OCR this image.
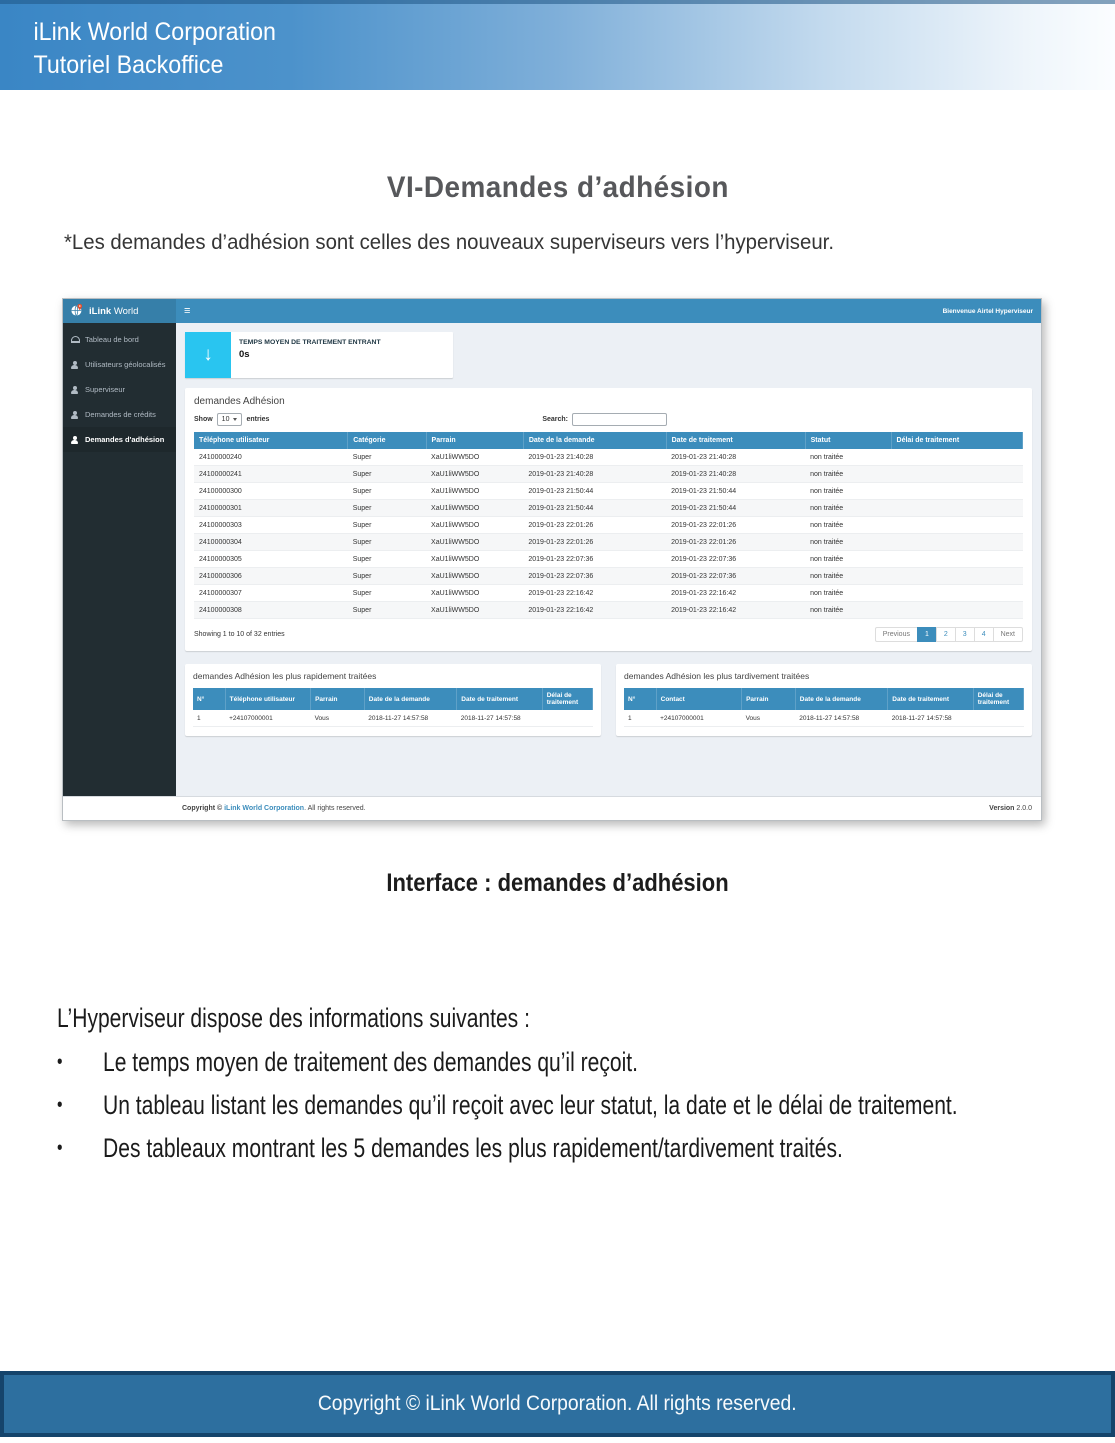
iLink World Corporation
Tutoriel Backoffice
VI-Demandes d’adhésion

*Les demandes d’adhésion sont celles des nouveaux superviseurs vers l’hyperviseur.

iLink World	≡	Bienvenue Airtel Hyperviseur
Tableau de bord
Utilisateurs géolocalisés
Superviseur
Demandes de crédits
Demandes d'adhésion
↓
TEMPS MOYEN DE TRAITEMENT ENTRANT
0s
demandes Adhésion
Show 10 entries	Search:
Téléphone utilisateur	Catégorie	Parrain	Date de la demande	Date de traitement	Statut	Délai de traitement
24100000240	Super	XaU1liWW5DO	2019-01-23 21:40:28	2019-01-23 21:40:28	non traitée	
24100000241	Super	XaU1liWW5DO	2019-01-23 21:40:28	2019-01-23 21:40:28	non traitée	
24100000300	Super	XaU1liWW5DO	2019-01-23 21:50:44	2019-01-23 21:50:44	non traitée	
24100000301	Super	XaU1liWW5DO	2019-01-23 21:50:44	2019-01-23 21:50:44	non traitée	
24100000303	Super	XaU1liWW5DO	2019-01-23 22:01:26	2019-01-23 22:01:26	non traitée	
24100000304	Super	XaU1liWW5DO	2019-01-23 22:01:26	2019-01-23 22:01:26	non traitée	
24100000305	Super	XaU1liWW5DO	2019-01-23 22:07:36	2019-01-23 22:07:36	non traitée	
24100000306	Super	XaU1liWW5DO	2019-01-23 22:07:36	2019-01-23 22:07:36	non traitée	
24100000307	Super	XaU1liWW5DO	2019-01-23 22:16:42	2019-01-23 22:16:42	non traitée	
24100000308	Super	XaU1liWW5DO	2019-01-23 22:16:42	2019-01-23 22:16:42	non traitée	
Showing 1 to 10 of 32 entries	Previous	1	2	3	4	Next
demandes Adhésion les plus rapidement traitées
N°	Téléphone utilisateur	Parrain	Date de la demande	Date de traitement	Délai de traitement
1	+24107000001	Vous	2018-11-27 14:57:58	2018-11-27 14:57:58	
demandes Adhésion les plus tardivement traitées
N°	Contact	Parrain	Date de la demande	Date de traitement	Délai de traitement
1	+24107000001	Vous	2018-11-27 14:57:58	2018-11-27 14:57:58	
Copyright © iLink World Corporation. All rights reserved.	Version 2.0.0
Interface : demandes d’adhésion
L’Hyperviseur dispose des informations suivantes :
•	Le temps moyen de traitement des demandes qu’il reçoit.
•	Un tableau listant les demandes qu’il reçoit avec leur statut, la date et le délai de traitement.
•	Des tableaux montrant les 5 demandes les plus rapidement/tardivement traités.
Copyright © iLink World Corporation. All rights reserved.
